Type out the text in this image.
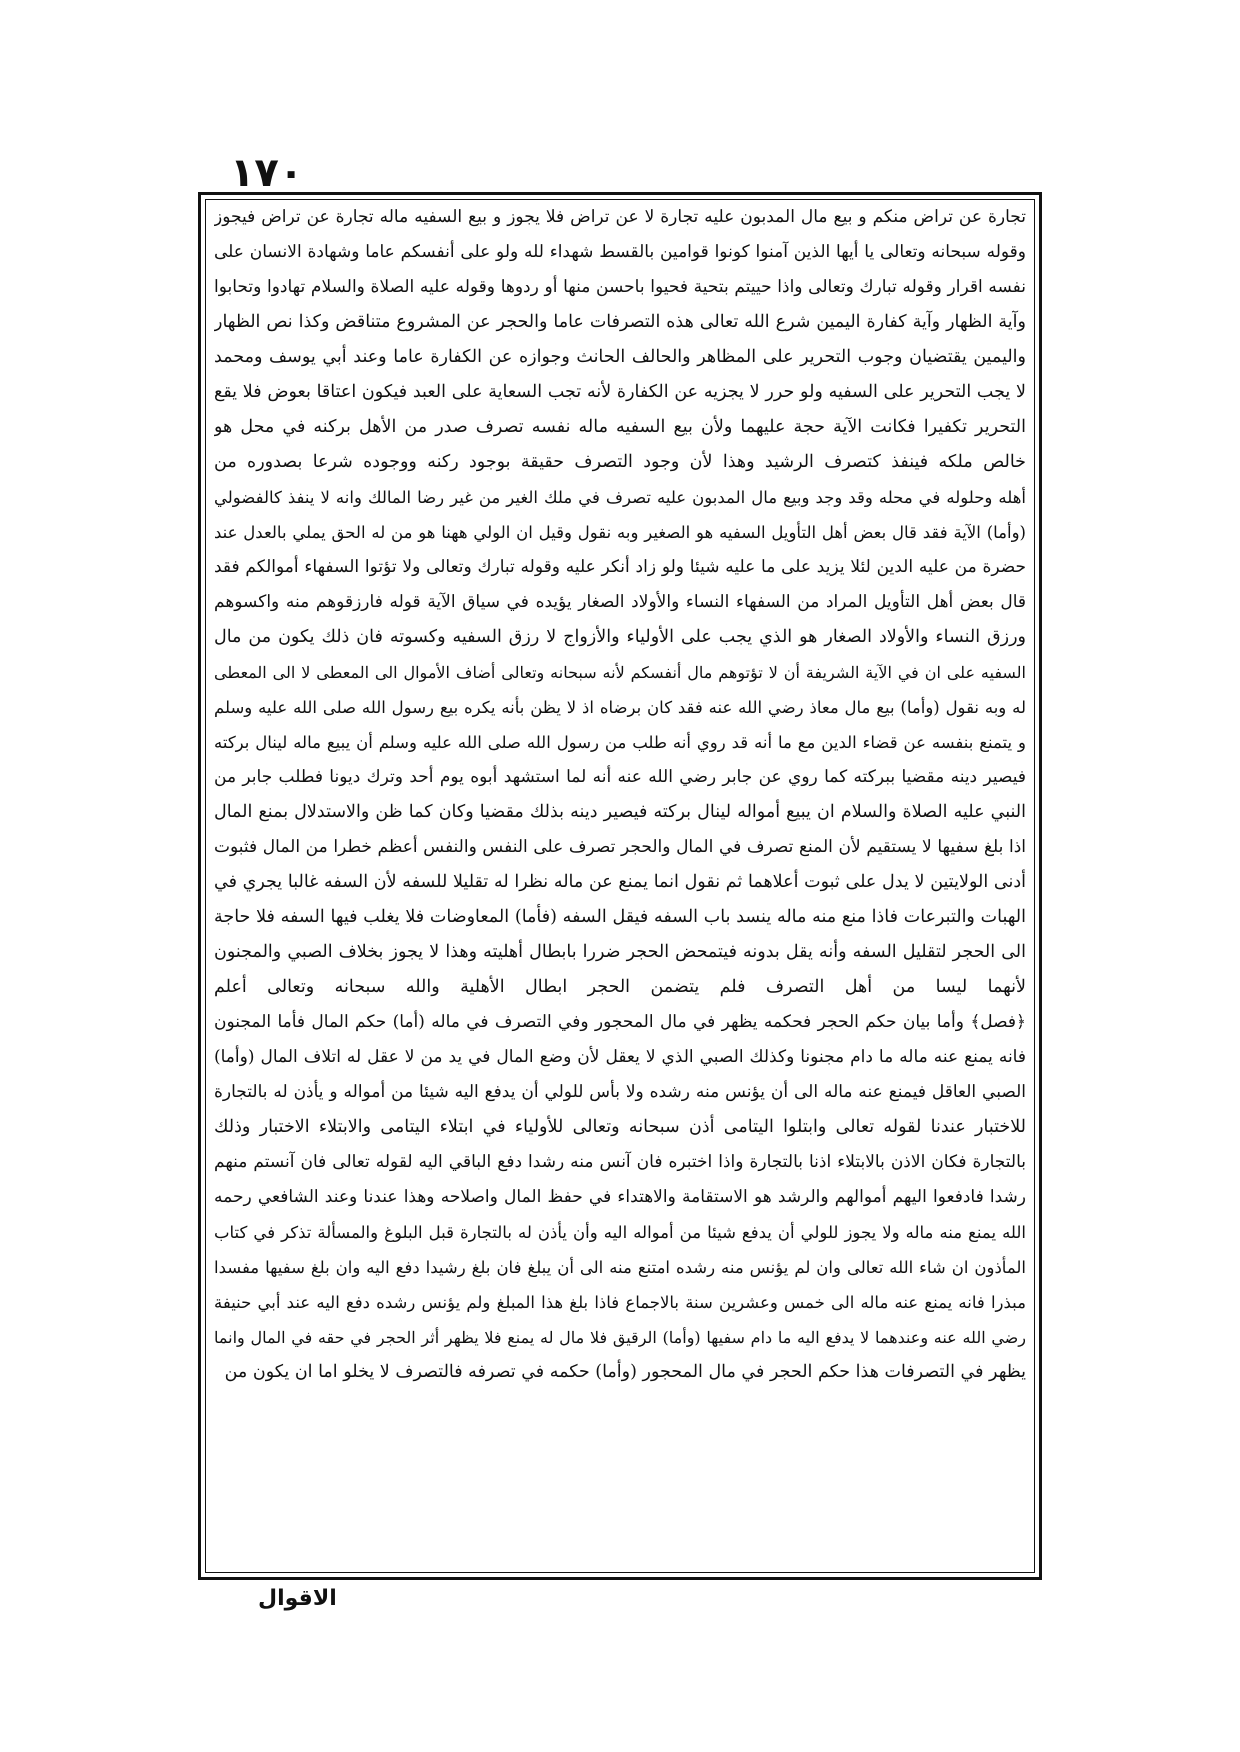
١٧٠
تجارة عن تراض منكم و بيع مال المدبون عليه تجارة لا عن تراض فلا يجوز و بيع السفيه ماله تجارة عن تراض فيجوز
وقوله سبحانه وتعالى يا أيها الذين آمنوا كونوا قوامين بالقسط شهداء لله ولو على أنفسكم عاما وشهادة الانسان على
نفسه اقرار وقوله تبارك وتعالى واذا حييتم بتحية فحيوا باحسن منها أو ردوها وقوله عليه الصلاة والسلام تهادوا وتحابوا
وآية الظهار وآية كفارة اليمين شرع الله تعالى هذه التصرفات عاما والحجر عن المشروع متناقض وكذا نص الظهار
واليمين يقتضيان وجوب التحرير على المظاهر والحالف الحانث وجوازه عن الكفارة عاما وعند أبي يوسف ومحمد
لا يجب التحرير على السفيه ولو حرر لا يجزيه عن الكفارة لأنه تجب السعاية على العبد فيكون اعتاقا بعوض فلا يقع
التحرير تكفيرا فكانت الآية حجة عليهما ولأن بيع السفيه ماله نفسه تصرف صدر من الأهل بركنه في محل هو
خالص ملكه فينفذ كتصرف الرشيد وهذا لأن وجود التصرف حقيقة بوجود ركنه ووجوده شرعا بصدوره من
أهله وحلوله في محله وقد وجد وبيع مال المدبون عليه تصرف في ملك الغير من غير رضا المالك وانه لا ينفذ كالفضولي
(وأما) الآية فقد قال بعض أهل التأويل السفيه هو الصغير وبه نقول وقيل ان الولي ههنا هو من له الحق يملي بالعدل عند
حضرة من عليه الدين لئلا يزيد على ما عليه شيئا ولو زاد أنكر عليه وقوله تبارك وتعالى ولا تؤتوا السفهاء أموالكم فقد
قال بعض أهل التأويل المراد من السفهاء النساء والأولاد الصغار يؤيده في سياق الآية قوله فارزقوهم منه واكسوهم
ورزق النساء والأولاد الصغار هو الذي يجب على الأولياء والأزواج لا رزق السفيه وكسوته فان ذلك يكون من مال
السفيه على ان في الآية الشريفة أن لا تؤتوهم مال أنفسكم لأنه سبحانه وتعالى أضاف الأموال الى المعطى لا الى المعطى
له وبه نقول (وأما) بيع مال معاذ رضي الله عنه فقد كان برضاه اذ لا يظن بأنه يكره بيع رسول الله صلى الله عليه وسلم
و يتمنع بنفسه عن قضاء الدين مع ما أنه قد روي أنه طلب من رسول الله صلى الله عليه وسلم أن يبيع ماله لينال بركته
فيصير دينه مقضيا ببركته كما روي عن جابر رضي الله عنه أنه لما استشهد أبوه يوم أحد وترك ديونا فطلب جابر من
النبي عليه الصلاة والسلام ان يبيع أمواله لينال بركته فيصير دينه بذلك مقضيا وكان كما ظن والاستدلال بمنع المال
اذا بلغ سفيها لا يستقيم لأن المنع تصرف في المال والحجر تصرف على النفس والنفس أعظم خطرا من المال فثبوت
أدنى الولايتين لا يدل على ثبوت أعلاهما ثم نقول انما يمنع عن ماله نظرا له تقليلا للسفه لأن السفه غالبا يجري في
الهبات والتبرعات فاذا منع منه ماله ينسد باب السفه فيقل السفه (فأما) المعاوضات فلا يغلب فيها السفه فلا حاجة
الى الحجر لتقليل السفه وأنه يقل بدونه فيتمحض الحجر ضررا بابطال أهليته وهذا لا يجوز بخلاف الصبي والمجنون
لأنهما ليسا من أهل التصرف فلم يتضمن الحجر ابطال الأهلية والله سبحانه وتعالى أعلم
﴿فصل﴾ وأما بيان حكم الحجر فحكمه يظهر في مال المحجور وفي التصرف في ماله (أما) حكم المال فأما المجنون
فانه يمنع عنه ماله ما دام مجنونا وكذلك الصبي الذي لا يعقل لأن وضع المال في يد من لا عقل له اتلاف المال (وأما)
الصبي العاقل فيمنع عنه ماله الى أن يؤنس منه رشده ولا بأس للولي أن يدفع اليه شيئا من أمواله و يأذن له بالتجارة
للاختبار عندنا لقوله تعالى وابتلوا اليتامى أذن سبحانه وتعالى للأولياء في ابتلاء اليتامى والابتلاء الاختبار وذلك
بالتجارة فكان الاذن بالابتلاء اذنا بالتجارة واذا اختبره فان آنس منه رشدا دفع الباقي اليه لقوله تعالى فان آنستم منهم
رشدا فادفعوا اليهم أموالهم والرشد هو الاستقامة والاهتداء في حفظ المال واصلاحه وهذا عندنا وعند الشافعي رحمه
الله يمنع منه ماله ولا يجوز للولي أن يدفع شيئا من أمواله اليه وأن يأذن له بالتجارة قبل البلوغ والمسألة تذكر في كتاب
المأذون ان شاء الله تعالى وان لم يؤنس منه رشده امتنع منه الى أن يبلغ فان بلغ رشيدا دفع اليه وان بلغ سفيها مفسدا
مبذرا فانه يمنع عنه ماله الى خمس وعشرين سنة بالاجماع فاذا بلغ هذا المبلغ ولم يؤنس رشده دفع اليه عند أبي حنيفة
رضي الله عنه وعندهما لا يدفع اليه ما دام سفيها (وأما) الرقيق فلا مال له يمنع فلا يظهر أثر الحجر في حقه في المال وانما
يظهر في التصرفات هذا حكم الحجر في مال المحجور (وأما) حكمه في تصرفه فالتصرف لا يخلو اما ان يكون من
الاقوال
